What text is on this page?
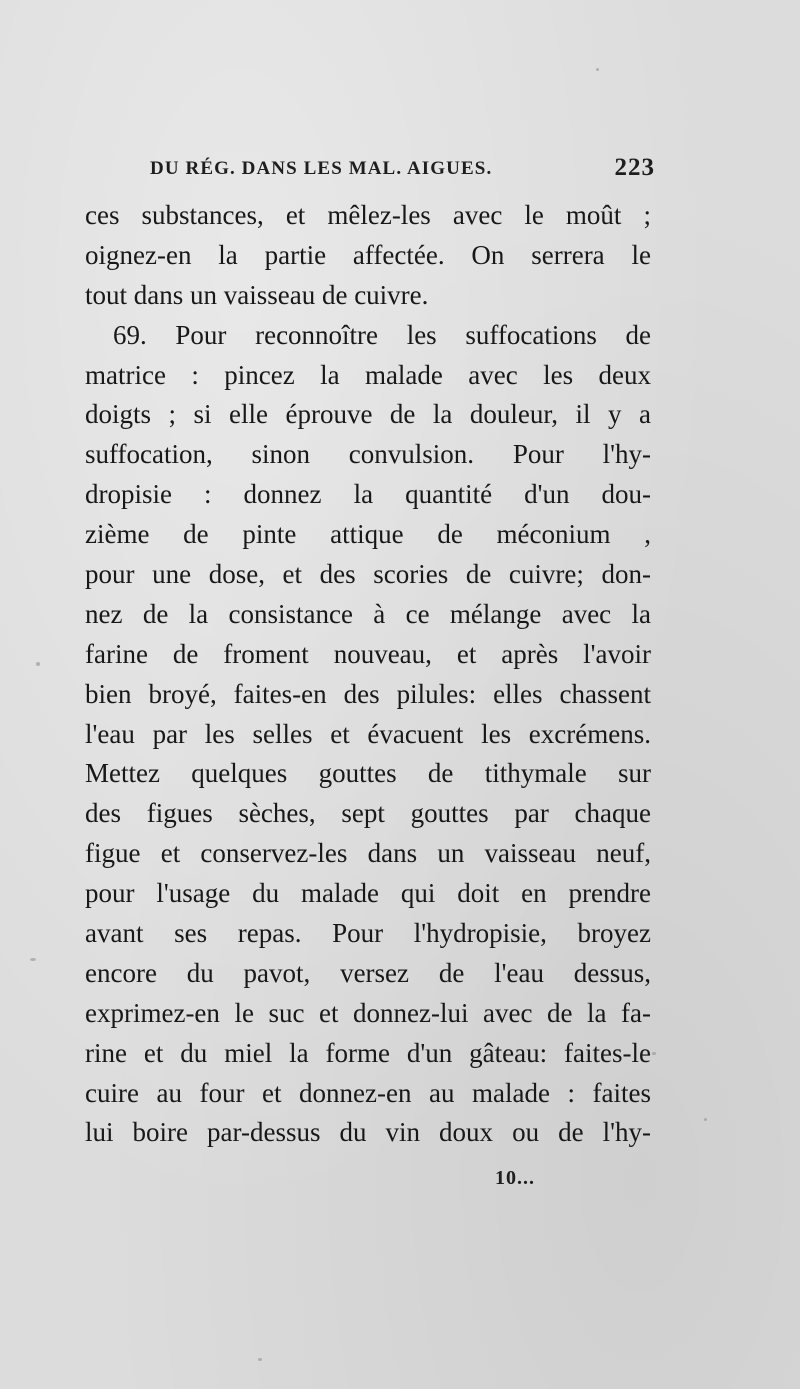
DU RÉG. DANS LES MAL. AIGUES.	223
ces substances, et mêlez-les avec le moût ;
oignez-en la partie affectée. On serrera le
tout dans un vaisseau de cuivre.
69. Pour reconnoître les suffocations de
matrice : pincez la malade avec les deux
doigts ; si elle éprouve de la douleur, il y a
suffocation, sinon convulsion. Pour l'hy-
dropisie : donnez la quantité d'un dou-
zième de pinte attique de méconium ,
pour une dose, et des scories de cuivre; don-
nez de la consistance à ce mélange avec la
farine de froment nouveau, et après l'avoir
bien broyé, faites-en des pilules: elles chassent
l'eau par les selles et évacuent les excrémens.
Mettez quelques gouttes de tithymale sur
des figues sèches, sept gouttes par chaque
figue et conservez-les dans un vaisseau neuf,
pour l'usage du malade qui doit en prendre
avant ses repas. Pour l'hydropisie, broyez
encore du pavot, versez de l'eau dessus,
exprimez-en le suc et donnez-lui avec de la fa-
rine et du miel la forme d'un gâteau: faites-le
cuire au four et donnez-en au malade : faites
lui boire par-dessus du vin doux ou de l'hy-
10...
